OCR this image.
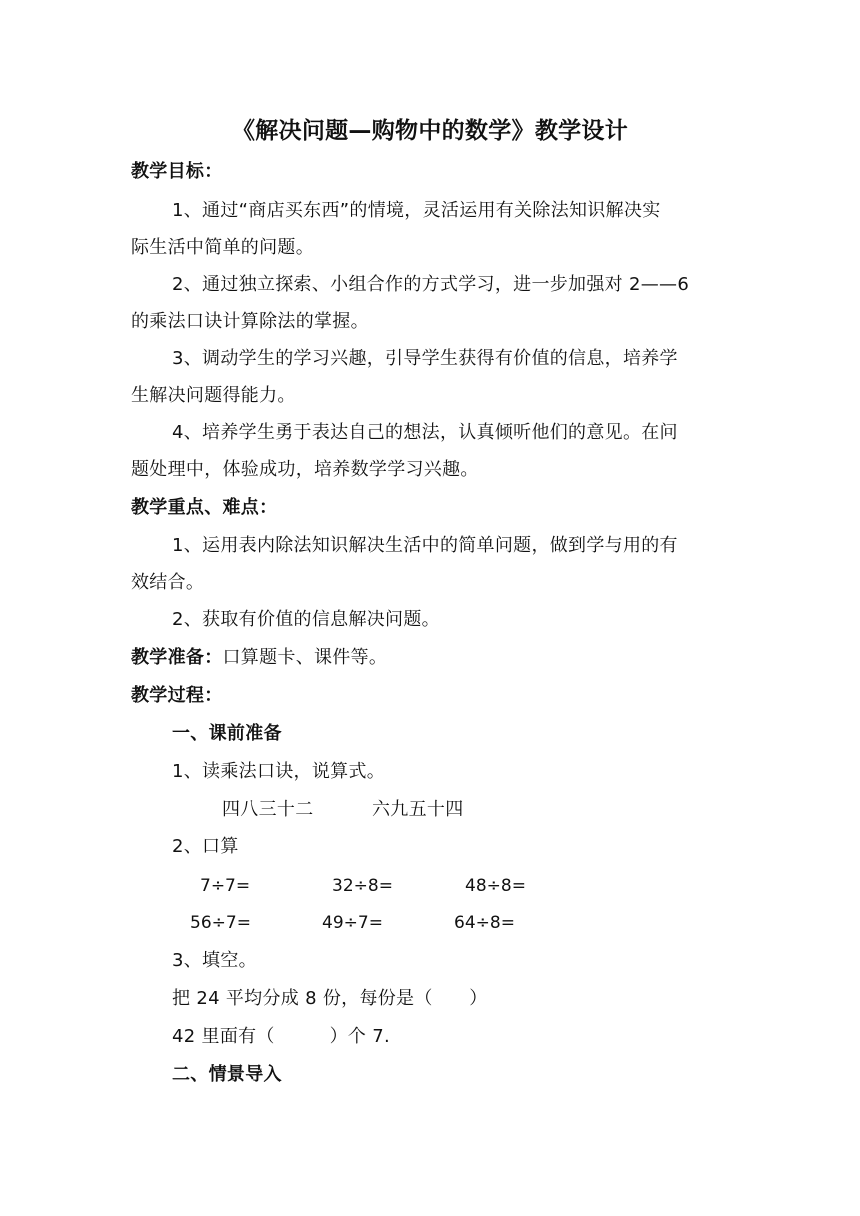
《解决问题—购物中的数学》教学设计
教学目标：
1、通过“商店买东西”的情境，灵活运用有关除法知识解决实
际生活中简单的问题。
2、通过独立探索、小组合作的方式学习，进一步加强对 2——6
的乘法口诀计算除法的掌握。
3、调动学生的学习兴趣，引导学生获得有价值的信息，培养学
生解决问题得能力。
4、培养学生勇于表达自己的想法，认真倾听他们的意见。在问
题处理中，体验成功，培养数学学习兴趣。
教学重点、难点：
1、运用表内除法知识解决生活中的简单问题，做到学与用的有
效结合。
2、获取有价值的信息解决问题。
教学准备：口算题卡、课件等。
教学过程：
一、课前准备
1、读乘法口诀，说算式。
四八三十二	六九五十四
2、口算
7÷7=	32÷8=	48÷8=
56÷7=	49÷7=	64÷8=
3、填空。
把 24 平均分成 8 份，每份是（　　）
42 里面有（　　　）个 7.
二、情景导入
